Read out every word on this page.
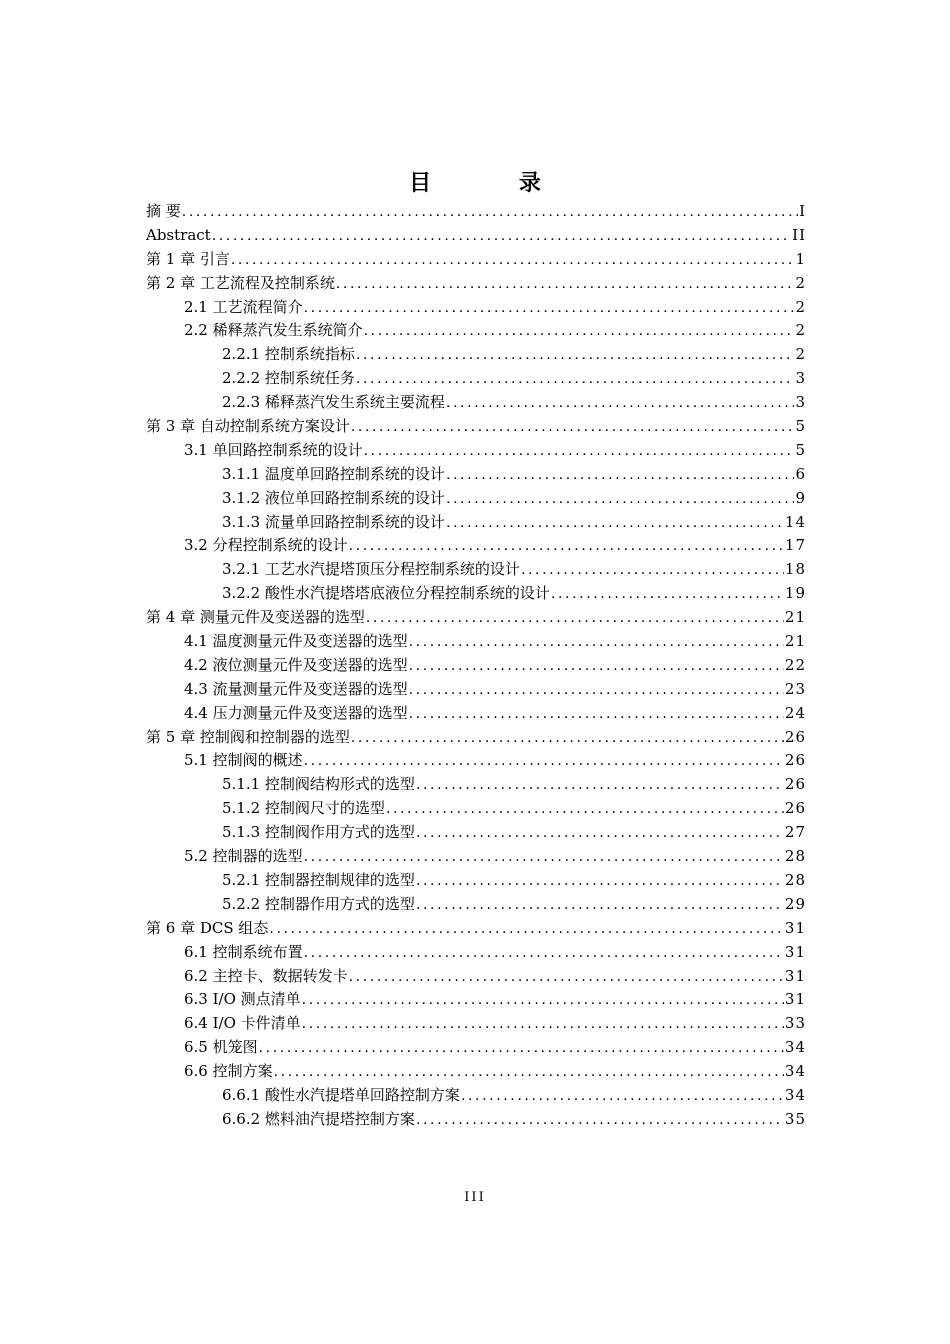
目 录
摘 要 .....	I
Abstract .....	II
第 1 章 引言 .....	1
第 2 章 工艺流程及控制系统 .....	2
2.1 工艺流程简介 .....	2
2.2 稀释蒸汽发生系统简介 .....	2
2.2.1 控制系统指标 .....	2
2.2.2 控制系统任务 .....	3
2.2.3 稀释蒸汽发生系统主要流程 .....	3
第 3 章 自动控制系统方案设计 .....	5
3.1 单回路控制系统的设计 .....	5
3.1.1 温度单回路控制系统的设计 .....	6
3.1.2 液位单回路控制系统的设计 .....	9
3.1.3 流量单回路控制系统的设计 .....	14
3.2 分程控制系统的设计 .....	17
3.2.1 工艺水汽提塔顶压分程控制系统的设计 .....	18
3.2.2 酸性水汽提塔塔底液位分程控制系统的设计 .....	19
第 4 章 测量元件及变送器的选型 .....	21
4.1 温度测量元件及变送器的选型 .....	21
4.2 液位测量元件及变送器的选型 .....	22
4.3 流量测量元件及变送器的选型 .....	23
4.4 压力测量元件及变送器的选型 .....	24
第 5 章 控制阀和控制器的选型 .....	26
5.1 控制阀的概述 .....	26
5.1.1 控制阀结构形式的选型 .....	26
5.1.2 控制阀尺寸的选型 .....	26
5.1.3 控制阀作用方式的选型 .....	27
5.2 控制器的选型 .....	28
5.2.1 控制器控制规律的选型 .....	28
5.2.2 控制器作用方式的选型 .....	29
第 6 章 DCS 组态 .....	31
6.1 控制系统布置 .....	31
6.2 主控卡、数据转发卡 .....	31
6.3 I/O 测点清单 .....	31
6.4 I/O 卡件清单 .....	33
6.5 机笼图 .....	34
6.6 控制方案 .....	34
6.6.1 酸性水汽提塔单回路控制方案 .....	34
6.6.2 燃料油汽提塔控制方案 .....	35
III
